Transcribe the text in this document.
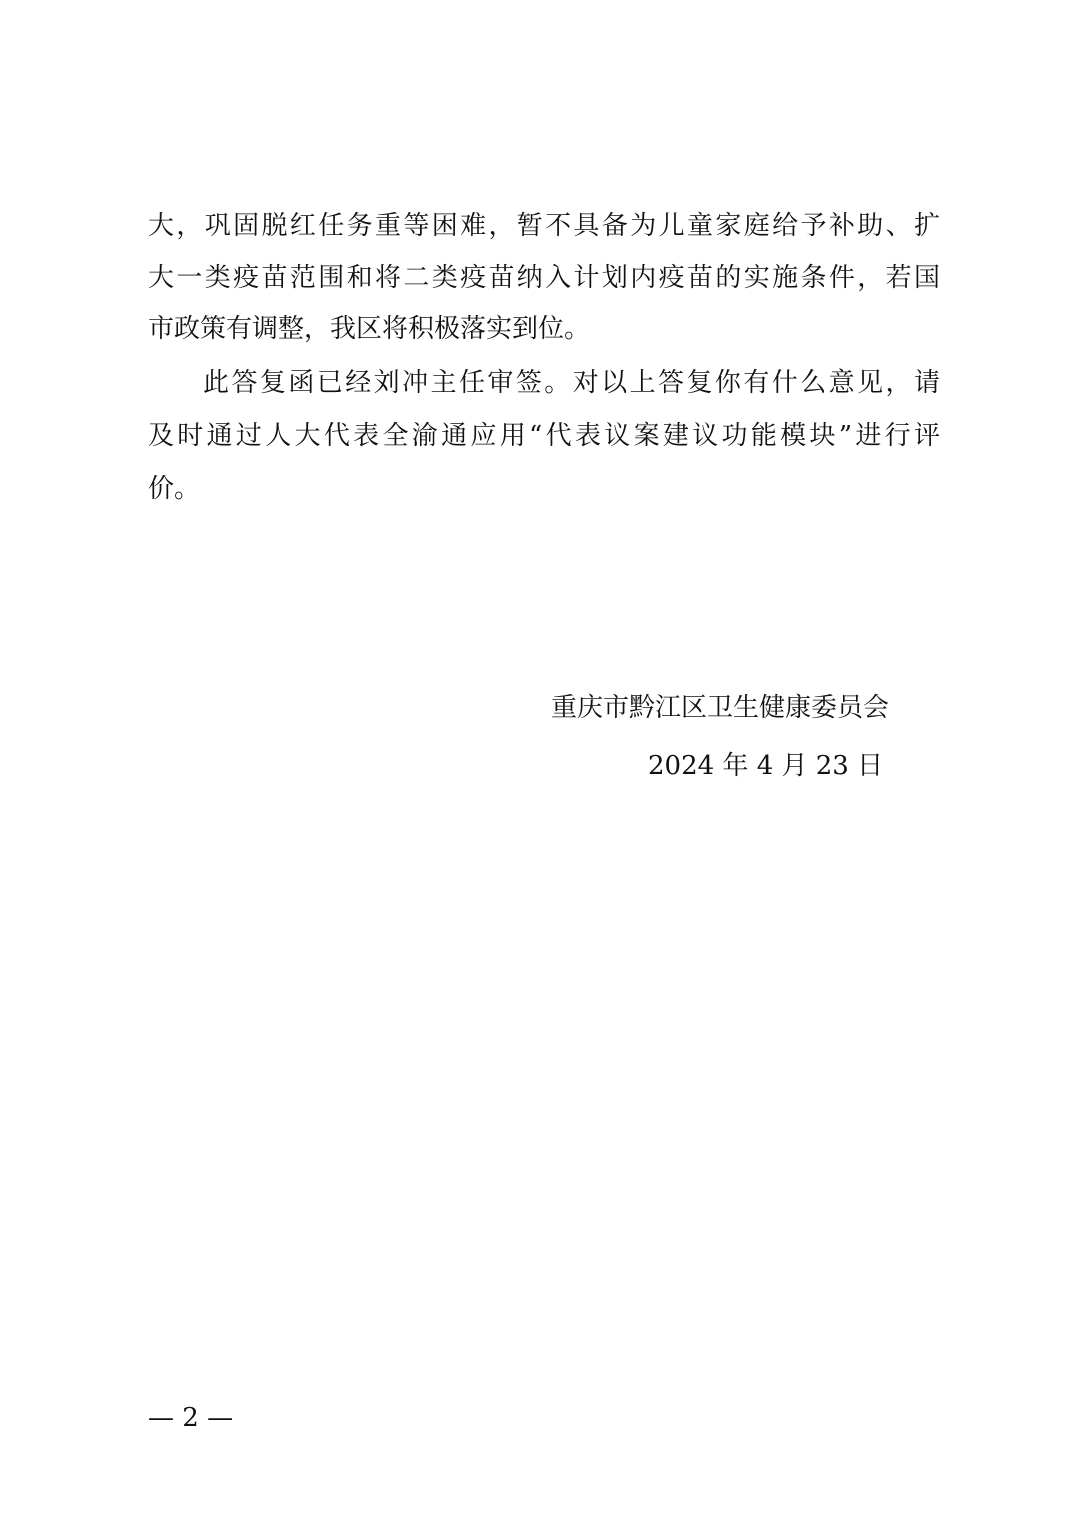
大，巩固脱红任务重等困难，暂不具备为儿童家庭给予补助、扩
大一类疫苗范围和将二类疫苗纳入计划内疫苗的实施条件，若国
市政策有调整，我区将积极落实到位。
此答复函已经刘冲主任审签。对以上答复你有什么意见，请
及时通过人大代表全渝通应用“代表议案建议功能模块”进行评
价。
重庆市黔江区卫生健康委员会
2024 年 4 月 23 日
— 2 —
